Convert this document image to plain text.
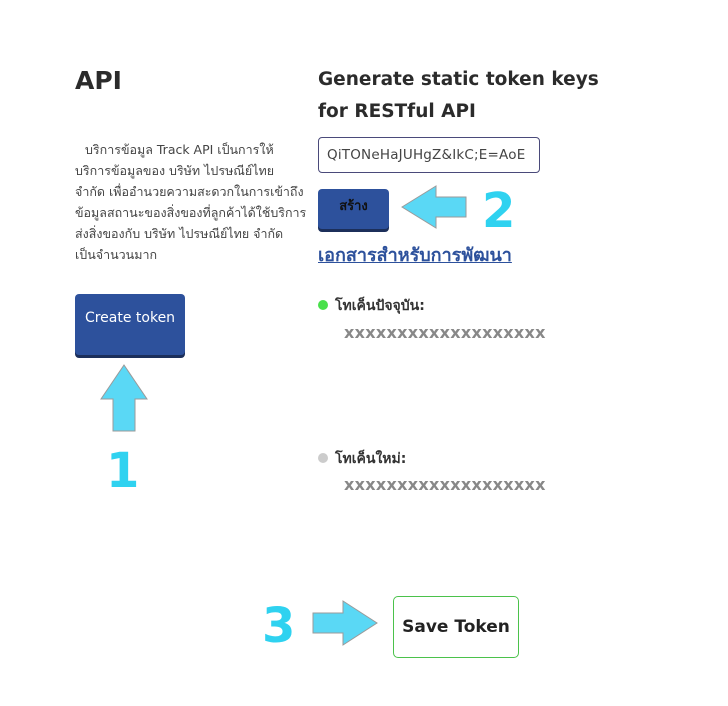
API

บริการข้อมูล Track API เป็นการให้บริการข้อมูลของ บริษัท ไปรษณีย์ไทย จำกัด เพื่ออำนวยความสะดวกในการเข้าถึงข้อมูลสถานะของสิ่งของที่ลูกค้าได้ใช้บริการส่งสิ่งของกับ บริษัท ไปรษณีย์ไทย จำกัด เป็นจำนวนมาก

Create token
Generate static token keys
for RESTful API
QiTONeHaJUHgZ&IkC;E=AoE
สร้าง
เอกสารสำหรับการพัฒนา
โทเค็นปัจจุบัน:
xxxxxxxxxxxxxxxxxxx
โทเค็นใหม่:
xxxxxxxxxxxxxxxxxxx
Save Token
1
2
3
